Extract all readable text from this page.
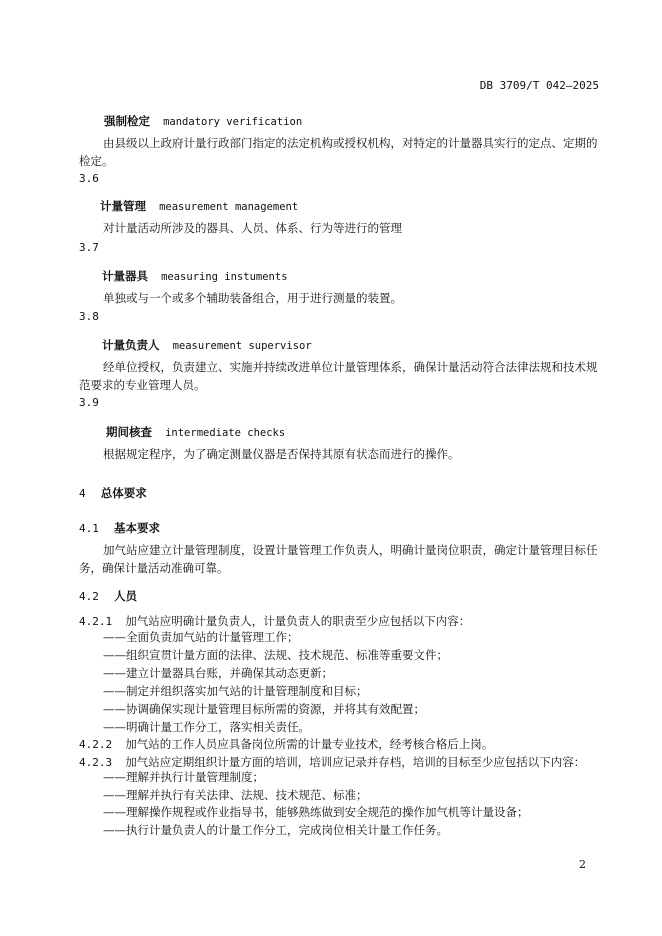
DB 3709/T 042—2025
强制检定 mandatory verification
由县级以上政府计量行政部门指定的法定机构或授权机构，对特定的计量器具实行的定点、定期的检定。
3.6
计量管理 measurement management
对计量活动所涉及的器具、人员、体系、行为等进行的管理
3.7
计量器具 measuring instuments
单独或与一个或多个辅助装备组合，用于进行测量的装置。
3.8
计量负责人 measurement supervisor
经单位授权，负责建立、实施并持续改进单位计量管理体系，确保计量活动符合法律法规和技术规范要求的专业管理人员。
3.9
期间核查 intermediate checks
根据规定程序，为了确定测量仪器是否保持其原有状态而进行的操作。
4 总体要求
4.1 基本要求
加气站应建立计量管理制度，设置计量管理工作负责人，明确计量岗位职责，确定计量管理目标任务，确保计量活动准确可靠。
4.2 人员
4.2.1 加气站应明确计量负责人，计量负责人的职责至少应包括以下内容：
——全面负责加气站的计量管理工作；
——组织宣贯计量方面的法律、法规、技术规范、标准等重要文件；
——建立计量器具台账，并确保其动态更新；
——制定并组织落实加气站的计量管理制度和目标；
——协调确保实现计量管理目标所需的资源，并将其有效配置；
——明确计量工作分工，落实相关责任。
4.2.2 加气站的工作人员应具备岗位所需的计量专业技术，经考核合格后上岗。
4.2.3 加气站应定期组织计量方面的培训，培训应记录并存档，培训的目标至少应包括以下内容：
——理解并执行计量管理制度；
——理解并执行有关法律、法规、技术规范、标准；
——理解操作规程或作业指导书，能够熟练做到安全规范的操作加气机等计量设备；
——执行计量负责人的计量工作分工，完成岗位相关计量工作任务。
2
